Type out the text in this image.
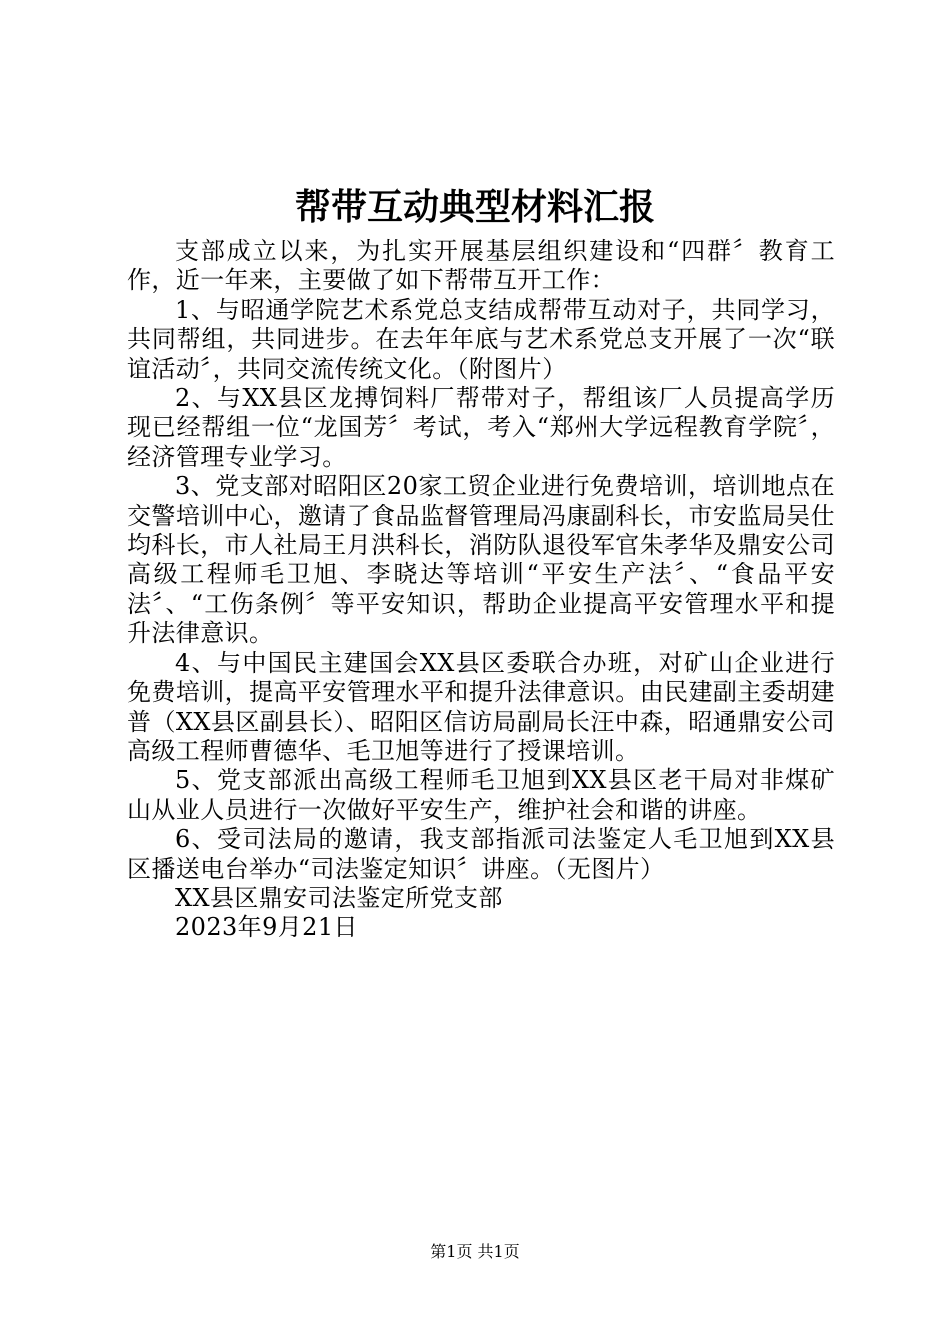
帮带互动典型材料汇报

支部成立以来，为扎实开展基层组织建设和“四群〞教育工作，近一年来，主要做了如下帮带互开工作：

1、与昭通学院艺术系党总支结成帮带互动对子，共同学习，共同帮组，共同进步。在去年年底与艺术系党总支开展了一次“联谊活动〞，共同交流传统文化。（附图片）

2、与XX县区龙搏饲料厂帮带对子，帮组该厂人员提高学历现已经帮组一位“龙国芳〞考试，考入“郑州大学远程教育学院〞，经济管理专业学习。

3、党支部对昭阳区20家工贸企业进行免费培训，培训地点在交警培训中心，邀请了食品监督管理局冯康副科长，市安监局吴仕均科长，市人社局王月洪科长，消防队退役军官朱孝华及鼎安公司高级工程师毛卫旭、李晓达等培训“平安生产法〞、“食品平安法〞、“工伤条例〞等平安知识，帮助企业提高平安管理水平和提升法律意识。

4、与中国民主建国会XX县区委联合办班，对矿山企业进行免费培训，提高平安管理水平和提升法律意识。由民建副主委胡建普（XX县区副县长）、昭阳区信访局副局长汪中森，昭通鼎安公司高级工程师曹德华、毛卫旭等进行了授课培训。

5、党支部派出高级工程师毛卫旭到XX县区老干局对非煤矿山从业人员进行一次做好平安生产，维护社会和谐的讲座。

6、受司法局的邀请，我支部指派司法鉴定人毛卫旭到XX县区播送电台举办“司法鉴定知识〞讲座。（无图片）

XX县区鼎安司法鉴定所党支部

2023年9月21日

第1页 共1页
